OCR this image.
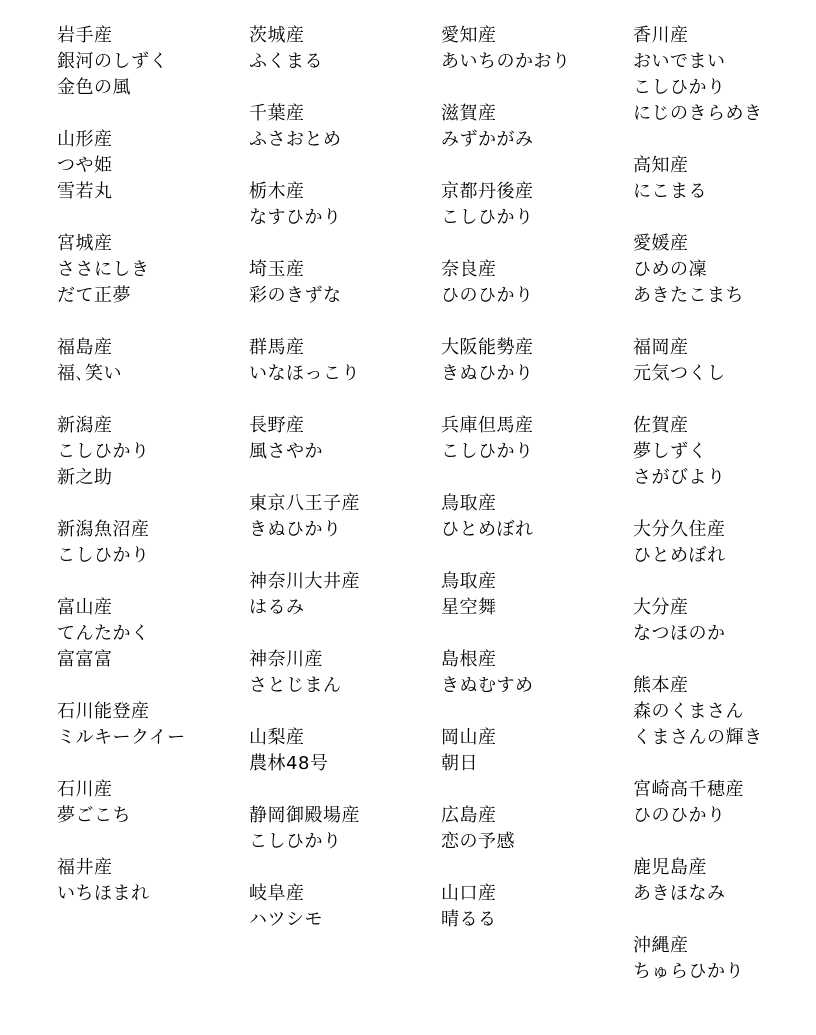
岩手産
銀河のしずく
金色の風
山形産
つや姫
雪若丸
宮城産
ささにしき
だて正夢
福島産
福､笑い
新潟産
こしひかり
新之助
新潟魚沼産
こしひかり
富山産
てんたかく
富富富
石川能登産
ミルキークイー
石川産
夢ごこち
福井産
いちほまれ
茨城産
ふくまる
千葉産
ふさおとめ
栃木産
なすひかり
埼玉産
彩のきずな
群馬産
いなほっこり
長野産
風さやか
東京八王子産
きぬひかり
神奈川大井産
はるみ
神奈川産
さとじまん
山梨産
農林48号
静岡御殿場産
こしひかり
岐阜産
ハツシモ
愛知産
あいちのかおり
滋賀産
みずかがみ
京都丹後産
こしひかり
奈良産
ひのひかり
大阪能勢産
きぬひかり
兵庫但馬産
こしひかり
鳥取産
ひとめぼれ
鳥取産
星空舞
島根産
きぬむすめ
岡山産
朝日
広島産
恋の予感
山口産
晴るる
香川産
おいでまい
こしひかり
にじのきらめき
高知産
にこまる
愛媛産
ひめの凜
あきたこまち
福岡産
元気つくし
佐賀産
夢しずく
さがびより
大分久住産
ひとめぼれ
大分産
なつほのか
熊本産
森のくまさん
くまさんの輝き
宮崎高千穂産
ひのひかり
鹿児島産
あきほなみ
沖縄産
ちゅらひかり
